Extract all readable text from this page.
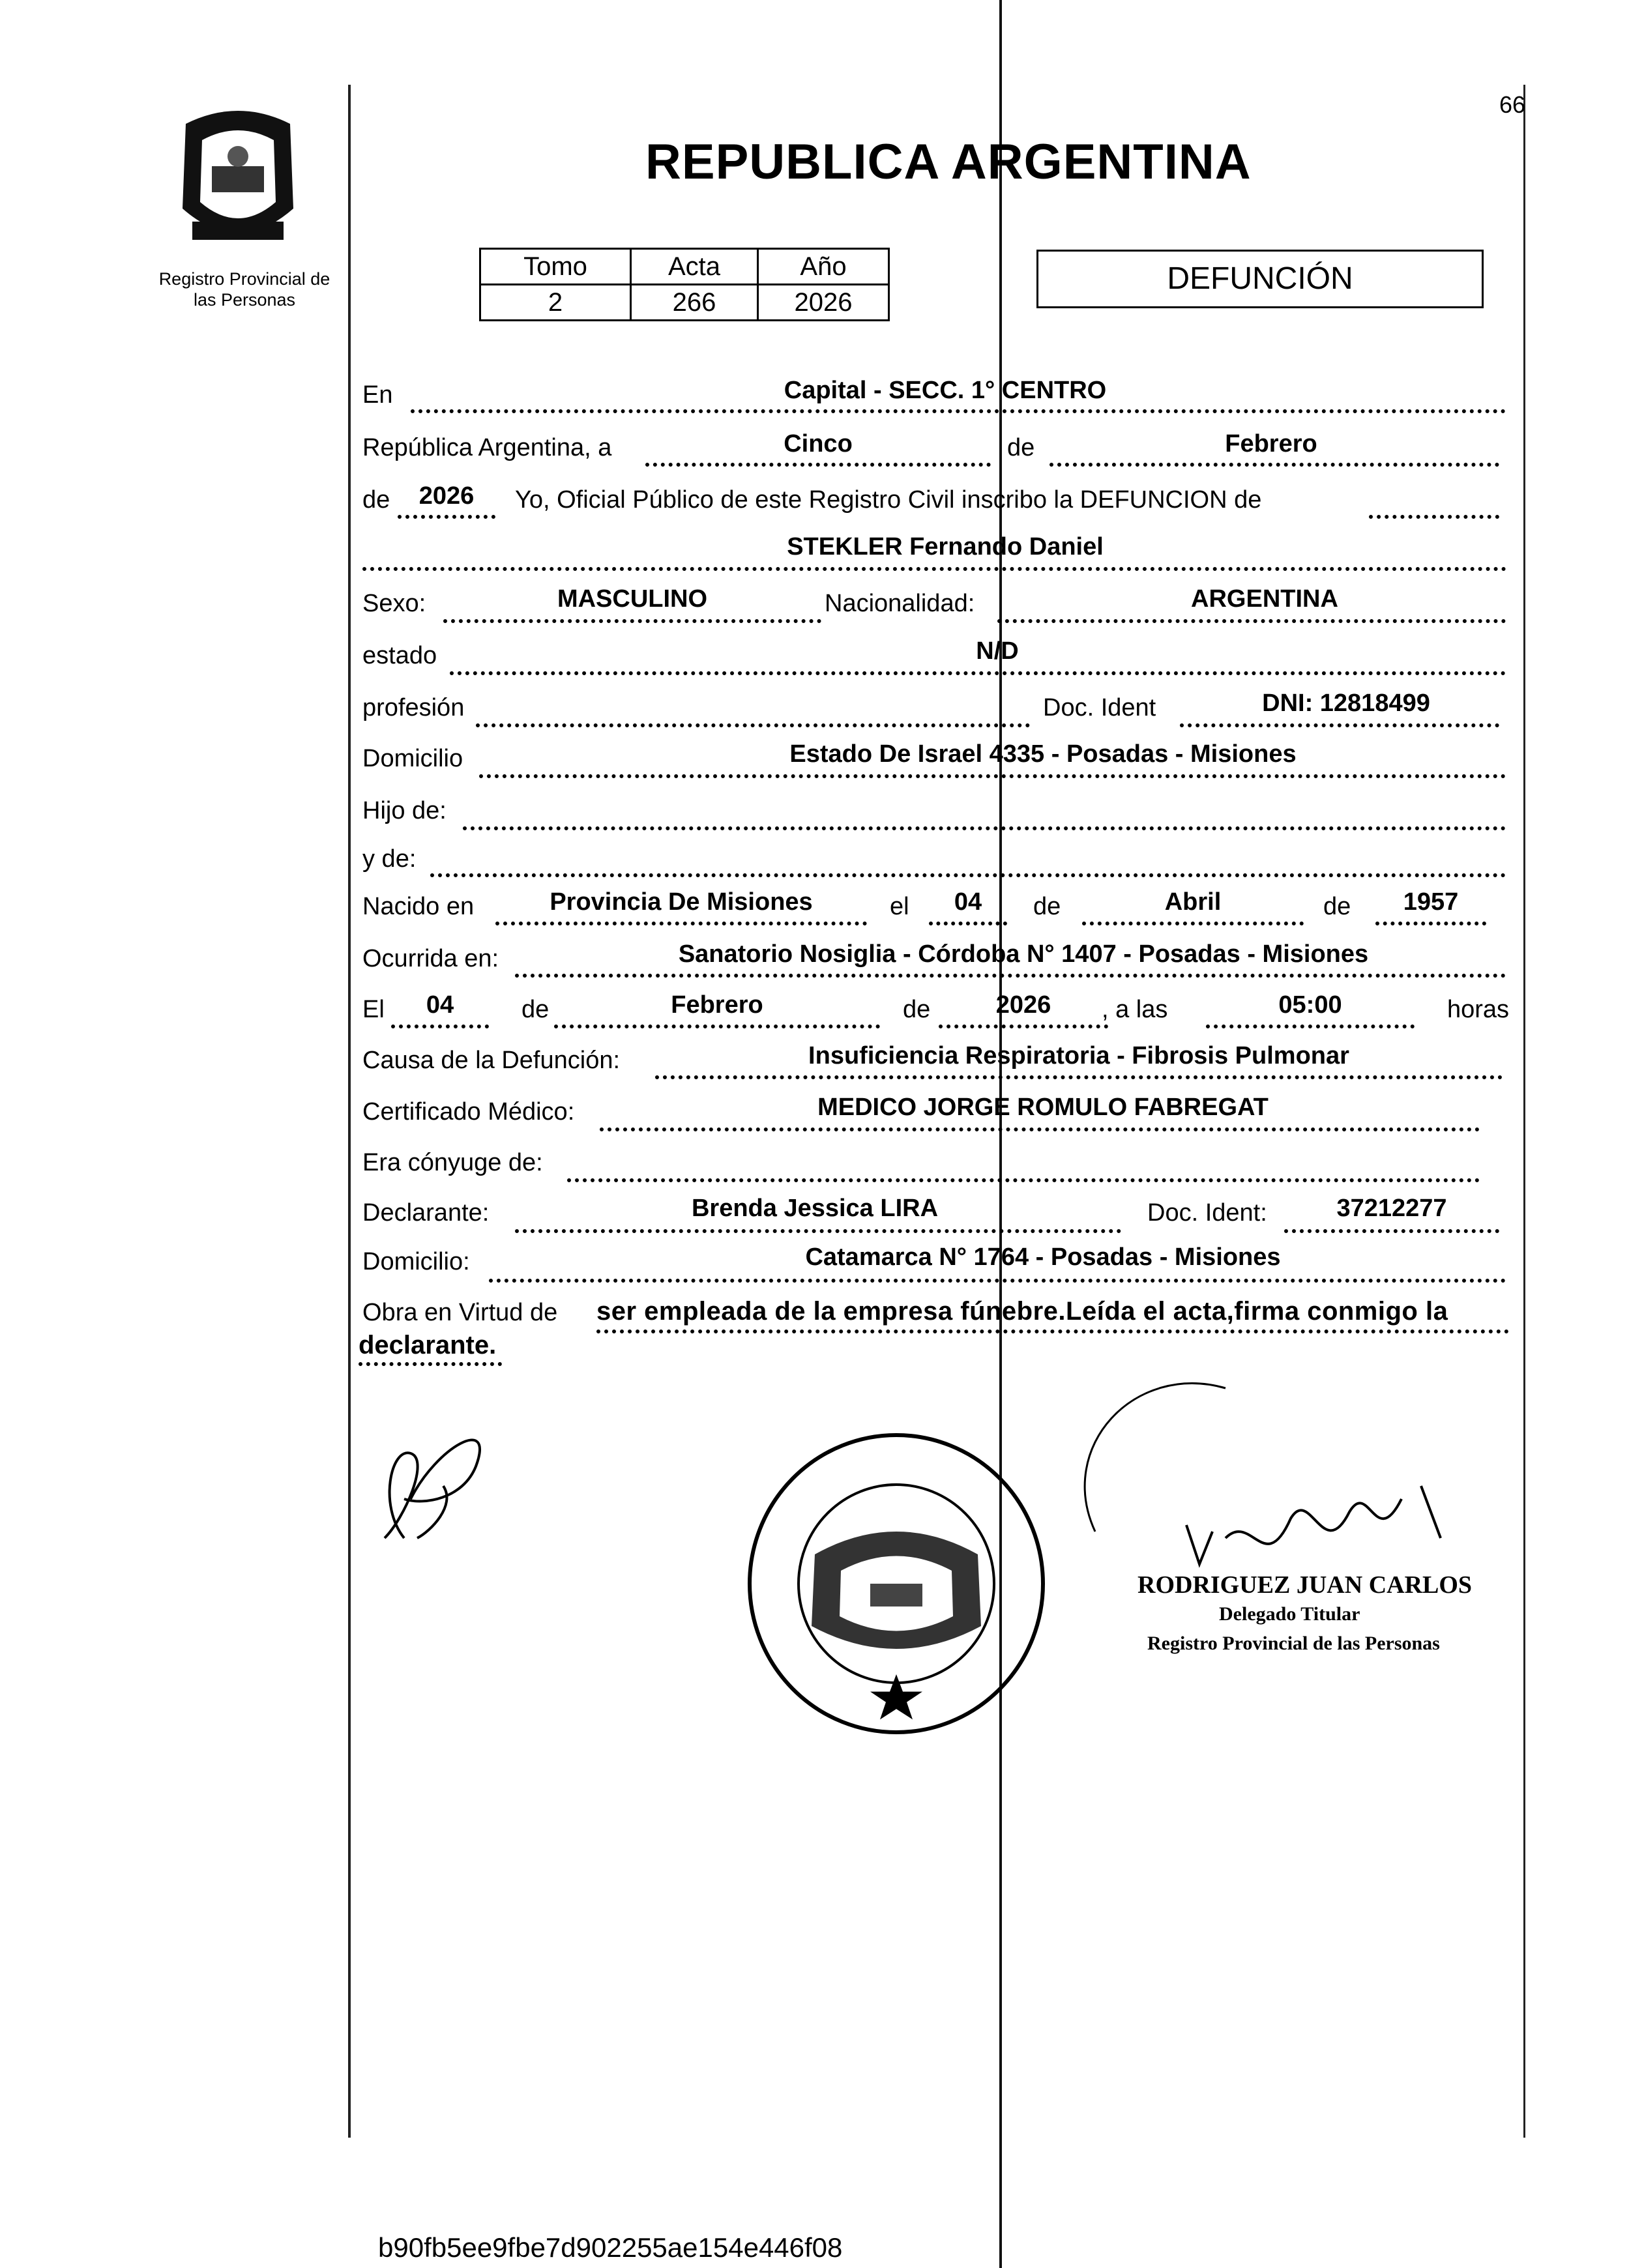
66
Registro Provincial de
las Personas
REPUBLICA ARGENTINA
Tomo	Acta	Año
2	266	2026
DEFUNCIÓN
En	Capital - SECC. 1° CENTRO
República Argentina, a	Cinco	de	Febrero
de	2026	Yo, Oficial Público de este Registro Civil inscribo la DEFUNCION de
STEKLER Fernando Daniel
Sexo:	MASCULINO	Nacionalidad:	ARGENTINA
estado	N/D
profesión	Doc. Ident	DNI: 12818499
Domicilio	Estado De Israel 4335 - Posadas - Misiones
Hijo de:
y de:
Nacido en	Provincia De Misiones	el	04	de	Abril	de	1957
Ocurrida en:	Sanatorio Nosiglia - Córdoba N° 1407 - Posadas - Misiones
El	04	de	Febrero	de	2026	, a las	05:00	horas
Causa de la Defunción:	Insuficiencia Respiratoria - Fibrosis Pulmonar
Certificado Médico:	MEDICO JORGE ROMULO FABREGAT
Era cónyuge de:
Declarante:	Brenda Jessica LIRA	Doc. Ident:	37212277
Domicilio:	Catamarca N° 1764 - Posadas - Misiones
Obra en Virtud de ser empleada de la empresa fúnebre.Leída el acta,firma conmigo la
declarante.
RODRIGUEZ JUAN CARLOS
Delegado Titular
Registro Provincial de las Personas
b90fb5ee9fbe7d902255ae154e446f08
